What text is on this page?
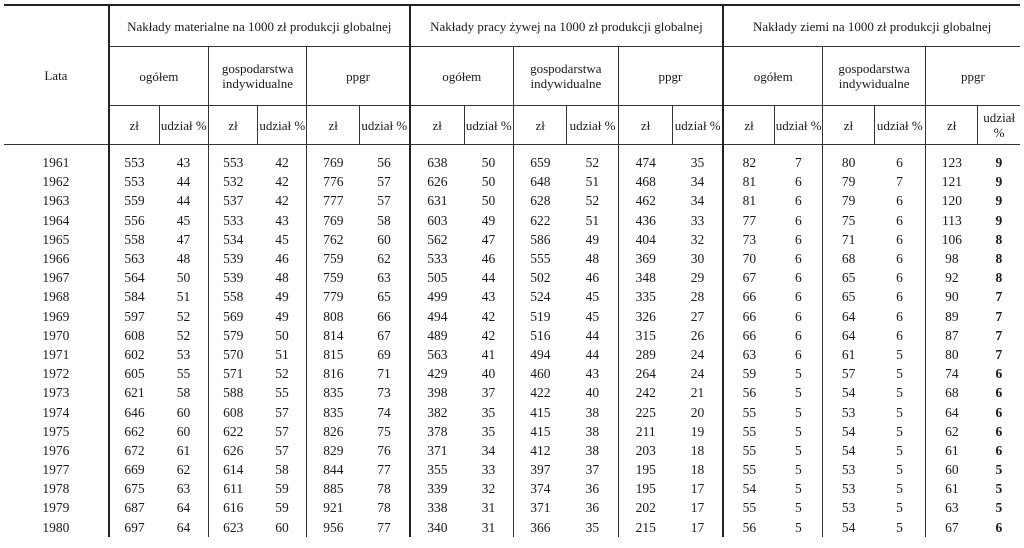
Lata	Nakłady materialne na 1000 zł produkcji globalnej						Nakłady pracy żywej na 1000 zł produkcji globalnej						Nakłady ziemi na 1000 zł produkcji globalnej					
	ogółem		gospodarstwa indywidualne		ppgr		ogółem		gospodarstwa indywidualne		ppgr		ogółem		gospodarstwa indywidualne		ppgr	
	zł	udział %	zł	udział %	zł	udział %	zł	udział %	zł	udział %	zł	udział %	zł	udział %	zł	udział %	zł	udział %
1961	553	43	553	42	769	56	638	50	659	52	474	35	82	7	80	6	123	9
1962	553	44	532	42	776	57	626	50	648	51	468	34	81	6	79	7	121	9
1963	559	44	537	42	777	57	631	50	628	52	462	34	81	6	79	6	120	9
1964	556	45	533	43	769	58	603	49	622	51	436	33	77	6	75	6	113	9
1965	558	47	534	45	762	60	562	47	586	49	404	32	73	6	71	6	106	8
1966	563	48	539	46	759	62	533	46	555	48	369	30	70	6	68	6	98	8
1967	564	50	539	48	759	63	505	44	502	46	348	29	67	6	65	6	92	8
1968	584	51	558	49	779	65	499	43	524	45	335	28	66	6	65	6	90	7
1969	597	52	569	49	808	66	494	42	519	45	326	27	66	6	64	6	89	7
1970	608	52	579	50	814	67	489	42	516	44	315	26	66	6	64	6	87	7
1971	602	53	570	51	815	69	563	41	494	44	289	24	63	6	61	5	80	7
1972	605	55	571	52	816	71	429	40	460	43	264	24	59	5	57	5	74	6
1973	621	58	588	55	835	73	398	37	422	40	242	21	56	5	54	5	68	6
1974	646	60	608	57	835	74	382	35	415	38	225	20	55	5	53	5	64	6
1975	662	60	622	57	826	75	378	35	415	38	211	19	55	5	54	5	62	6
1976	672	61	626	57	829	76	371	34	412	38	203	18	55	5	54	5	61	6
1977	669	62	614	58	844	77	355	33	397	37	195	18	55	5	53	5	60	5
1978	675	63	611	59	885	78	339	32	374	36	195	17	54	5	53	5	61	5
1979	687	64	616	59	921	78	338	31	371	36	202	17	55	5	53	5	63	5
1980	697	64	623	60	956	77	340	31	366	35	215	17	56	5	54	5	67	6
